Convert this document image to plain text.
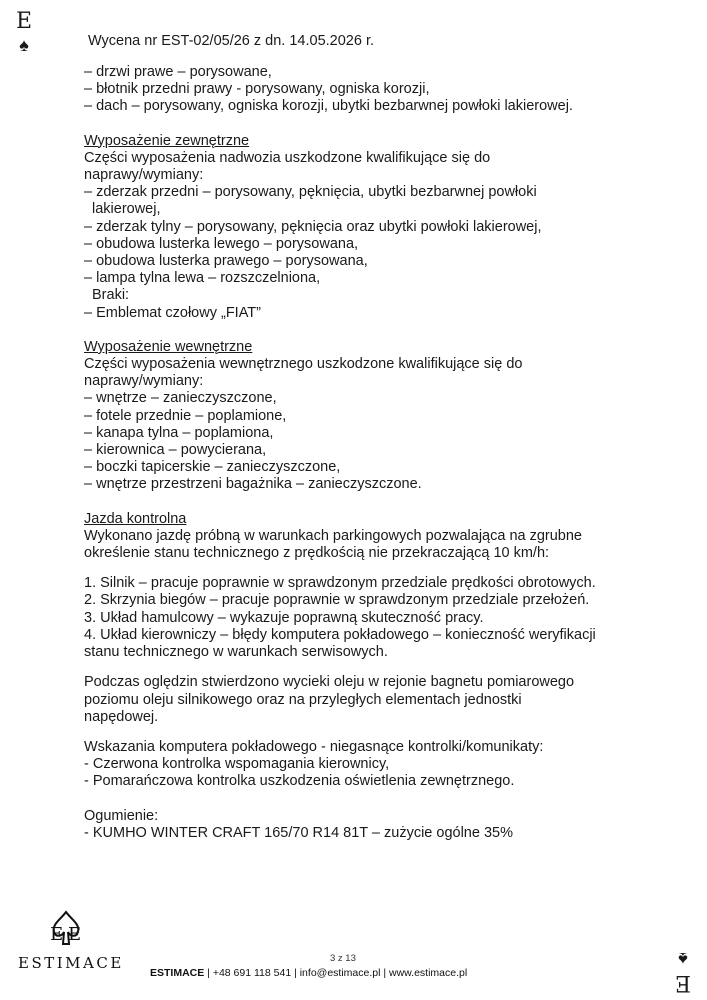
E
♠	Wycena nr EST-02/05/26 z dn. 14.05.2026 r.
– drzwi prawe – porysowane,
– błotnik przedni prawy - porysowany, ogniska korozji,
– dach – porysowany, ogniska korozji, ubytki bezbarwnej powłoki lakierowej.
Wyposażenie zewnętrzne
Części wyposażenia nadwozia uszkodzone kwalifikujące się do
naprawy/wymiany:
– zderzak przedni – porysowany, pęknięcia, ubytki bezbarwnej powłoki
lakierowej,
– zderzak tylny – porysowany, pęknięcia oraz ubytki powłoki lakierowej,
– obudowa lusterka lewego – porysowana,
– obudowa lusterka prawego – porysowana,
– lampa tylna lewa – rozszczelniona,
Braki:
– Emblemat czołowy „FIAT”
Wyposażenie wewnętrzne
Części wyposażenia wewnętrznego uszkodzone kwalifikujące się do
naprawy/wymiany:
– wnętrze – zanieczyszczone,
– fotele przednie – poplamione,
– kanapa tylna – poplamiona,
– kierownica – powycierana,
– boczki tapicerskie – zanieczyszczone,
– wnętrze przestrzeni bagażnika – zanieczyszczone.
Jazda kontrolna
Wykonano jazdę próbną w warunkach parkingowych pozwalająca na zgrubne
określenie stanu technicznego z prędkością nie przekraczającą 10 km/h:
1. Silnik – pracuje poprawnie w sprawdzonym przedziale prędkości obrotowych.
2. Skrzynia biegów – pracuje poprawnie w sprawdzonym przedziale przełożeń.
3. Układ hamulcowy – wykazuje poprawną skuteczność pracy.
4. Układ kierowniczy – błędy komputera pokładowego – konieczność weryfikacji
stanu technicznego w warunkach serwisowych.
Podczas oględzin stwierdzono wycieki oleju w rejonie bagnetu pomiarowego
poziomu oleju silnikowego oraz na przyległych elementach jednostki
napędowej.
Wskazania komputera pokładowego - niegasnące kontrolki/komunikaty:
- Czerwona kontrolka wspomagania kierownicy,
- Pomarańczowa kontrolka uszkodzenia oświetlenia zewnętrznego.
Ogumienie:
- KUMHO WINTER CRAFT 165/70 R14 81T – zużycie ogólne 35%
E E
ESTIMACE	3 z 13
ESTIMACE | +48 691 118 541 | info@estimace.pl | www.estimace.pl	E
♠
